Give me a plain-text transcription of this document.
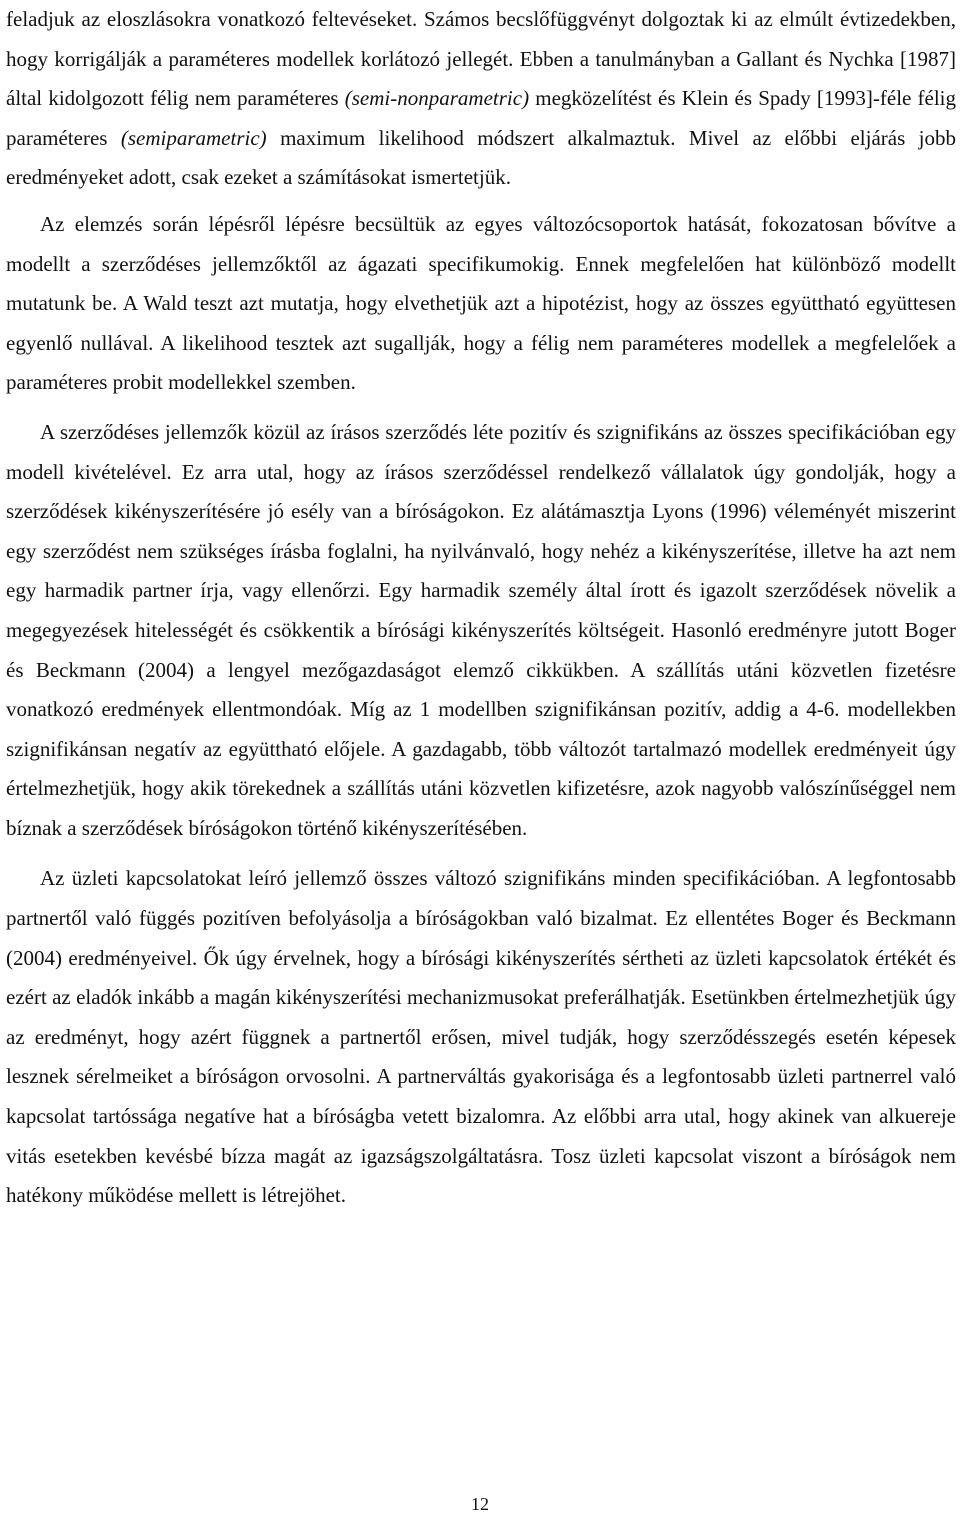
feladjuk az eloszlásokra vonatkozó feltevéseket. Számos becslőfüggvényt dolgoztak ki az elmúlt évtizedekben, hogy korrigálják a paraméteres modellek korlátozó jellegét. Ebben a tanulmányban a Gallant és Nychka [1987] által kidolgozott félig nem paraméteres (semi-nonparametric) megközelítést és Klein és Spady [1993]-féle félig paraméteres (semiparametric) maximum likelihood módszert alkalmaztuk. Mivel az előbbi eljárás jobb eredményeket adott, csak ezeket a számításokat ismertetjük.

Az elemzés során lépésről lépésre becsültük az egyes változócsoportok hatását, fokozatosan bővítve a modellt a szerződéses jellemzőktől az ágazati specifikumokig. Ennek megfelelően hat különböző modellt mutatunk be. A Wald teszt azt mutatja, hogy elvethetjük azt a hipotézist, hogy az összes együttható együttesen egyenlő nullával. A likelihood tesztek azt sugallják, hogy a félig nem paraméteres modellek a megfelelőek a paraméteres probit modellekkel szemben.

A szerződéses jellemzők közül az írásos szerződés léte pozitív és szignifikáns az összes specifikációban egy modell kivételével. Ez arra utal, hogy az írásos szerződéssel rendelkező vállalatok úgy gondolják, hogy a szerződések kikényszerítésére jó esély van a bíróságokon. Ez alátámasztja Lyons (1996) véleményét miszerint egy szerződést nem szükséges írásba foglalni, ha nyilvánvaló, hogy nehéz a kikényszerítése, illetve ha azt nem egy harmadik partner írja, vagy ellenőrzi. Egy harmadik személy által írott és igazolt szerződések növelik a megegyezések hitelességét és csökkentik a bírósági kikényszerítés költségeit. Hasonló eredményre jutott Boger és Beckmann (2004) a lengyel mezőgazdaságot elemző cikkükben. A szállítás utáni közvetlen fizetésre vonatkozó eredmények ellentmondóak. Míg az 1 modellben szignifikánsan pozitív, addig a 4-6. modellekben szignifikánsan negatív az együttható előjele. A gazdagabb, több változót tartalmazó modellek eredményeit úgy értelmezhetjük, hogy akik törekednek a szállítás utáni közvetlen kifizetésre, azok nagyobb valószínűséggel nem bíznak a szerződések bíróságokon történő kikényszerítésében.

Az üzleti kapcsolatokat leíró jellemző összes változó szignifikáns minden specifikációban. A legfontosabb partnertől való függés pozitíven befolyásolja a bíróságokban való bizalmat. Ez ellentétes Boger és Beckmann (2004) eredményeivel. Ők úgy érvelnek, hogy a bírósági kikényszerítés sértheti az üzleti kapcsolatok értékét és ezért az eladók inkább a magán kikényszerítési mechanizmusokat preferálhatják. Esetünkben értelmezhetjük úgy az eredményt, hogy azért függnek a partnertől erősen, mivel tudják, hogy szerződésszegés esetén képesek lesznek sérelmeiket a bíróságon orvosolni. A partnerváltás gyakorisága és a legfontosabb üzleti partnerrel való kapcsolat tartóssága negatíve hat a bíróságba vetett bizalomra. Az előbbi arra utal, hogy akinek van alkuereje vitás esetekben kevésbé bízza magát az igazságszolgáltatásra. Tosz üzleti kapcsolat viszont a bíróságok nem hatékony működése mellett is létrejöhet.

12
